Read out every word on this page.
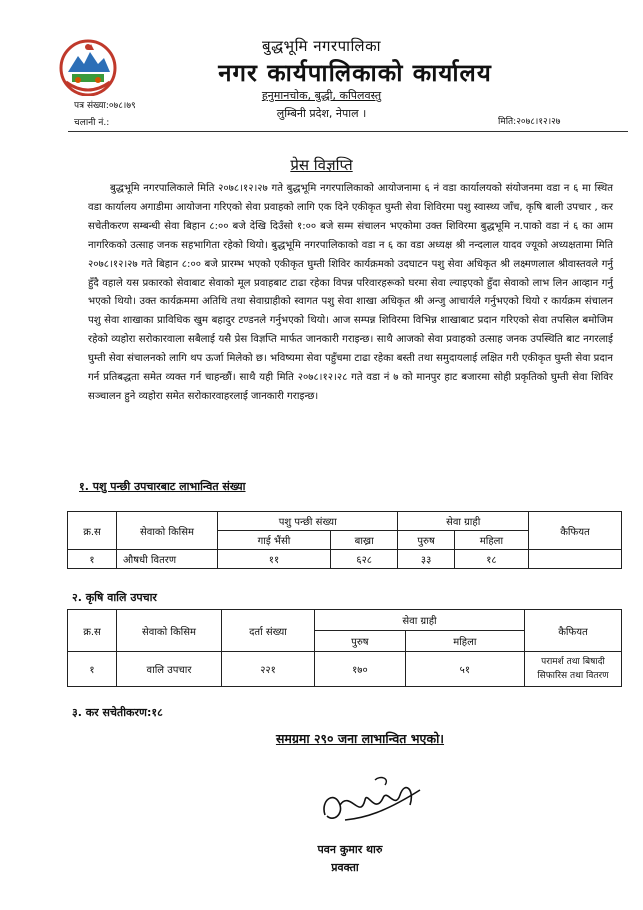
बुद्धभूमि नगरपालिका
नगर कार्यपालिकाको कार्यालय
हनुमानचोक, बुद्धी, कपिलवस्तु
लुम्बिनी प्रदेश, नेपाल ।
पत्र संख्या:०७८।७९
चलानी नं.:	मिति:२०७८।१२।२७
प्रेस विज्ञप्ति

बुद्धभूमि नगरपालिकाले मिति २०७८।१२।२७ गते बुद्धभूमि नगरपालिकाको आयोजनामा ६ नं वडा कार्यालयको संयोजनमा वडा न ६ मा स्थित वडा कार्यालय अगाडीमा आयोजना गरिएको सेवा प्रवाहको लागि एक दिने एकीकृत घुम्ती सेवा शिविरमा पशु स्वास्थ्य जाँच, कृषि बाली उपचार , कर सचेतीकरण सम्बन्धी सेवा बिहान ८:०० बजे देखि दिउँसो १:०० बजे सम्म संचालन भएकोमा उक्त शिविरमा बुद्धभूमि न.पाको वडा नं ६ का आम नागरिकको उत्साह जनक सहभागिता रहेको थियो। बुद्धभूमि नगरपालिकाको वडा न ६ का वडा अध्यक्ष श्री नन्दलाल यादव ज्यूको अध्यक्षतामा मिति २०७८।१२।२७ गते बिहान ८:०० बजे प्रारम्भ भएको एकीकृत घुम्ती शिविर कार्यक्रमको उदघाटन पशु सेवा अधिकृत श्री लक्ष्मणलाल श्रीवास्तवले गर्नु हुँदै वहाले यस प्रकारको सेवाबाट सेवाको मूल प्रवाहबाट टाढा रहेका विपन्न परिवारहरूको घरमा सेवा ल्याइएको हुँदा सेवाको लाभ लिन आव्हान गर्नु भएको थियो। उक्त कार्यक्रममा अतिथि तथा सेवाग्राहीको स्वागत पशु सेवा शाखा अधिकृत श्री अन्जु आचार्यले गर्नुभएको थियो र कार्यक्रम संचालन पशु सेवा शाखाका प्राविधिक खुम बहादुर टण्डनले गर्नुभएको थियो। आज सम्पन्न शिविरमा विभिन्न शाखाबाट प्रदान गरिएको सेवा तपसिल बमोजिम रहेको व्यहोरा सरोकारवाला सबैलाई यसै प्रेस विज्ञप्ति मार्फत जानकारी गराइन्छ। साथै आजको सेवा प्रवाहको उत्साह जनक उपस्थिति बाट नगरलाई घुम्ती सेवा संचालनको लागि थप ऊर्जा मिलेको छ। भविष्यमा सेवा पहुँचमा टाढा रहेका बस्ती तथा समुदायलाई लक्षित गरी एकीकृत घुम्ती सेवा प्रदान गर्न प्रतिबद्धता समेत व्यक्त गर्न चाहन्छौं। साथै यही मिति २०७८।१२।२८ गते वडा नं ७ को मानपुर हाट बजारमा सोही प्रकृतिको घुम्ती सेवा शिविर सञ्चालन हुने व्यहोरा समेत सरोकारवाहरलाई जानकारी गराइन्छ।

१. पशु पन्छी उपचारबाट लाभान्वित संख्या
क्र.स	सेवाको किसिम	पशु पन्छी संख्या		सेवा ग्राही		कैफियत
		गाई भैंसी	बाख्रा	पुरुष	महिला	
१	औषधी वितरण	११	६२८	३३	१८	
२. कृषि वालि उपचार
क्र.स	सेवाको किसिम	दर्ता संख्या	सेवा ग्राही		कैफियत
			पुरुष	महिला	
१	वालि उपचार	२२१	१७०	५१	परामर्श तथा बिषादी सिफारिस तथा वितरण
३. कर सचेतीकरण:१८
समग्रमा २९० जना लाभान्वित भएको।
पवन कुमार थारु
प्रवक्ता
